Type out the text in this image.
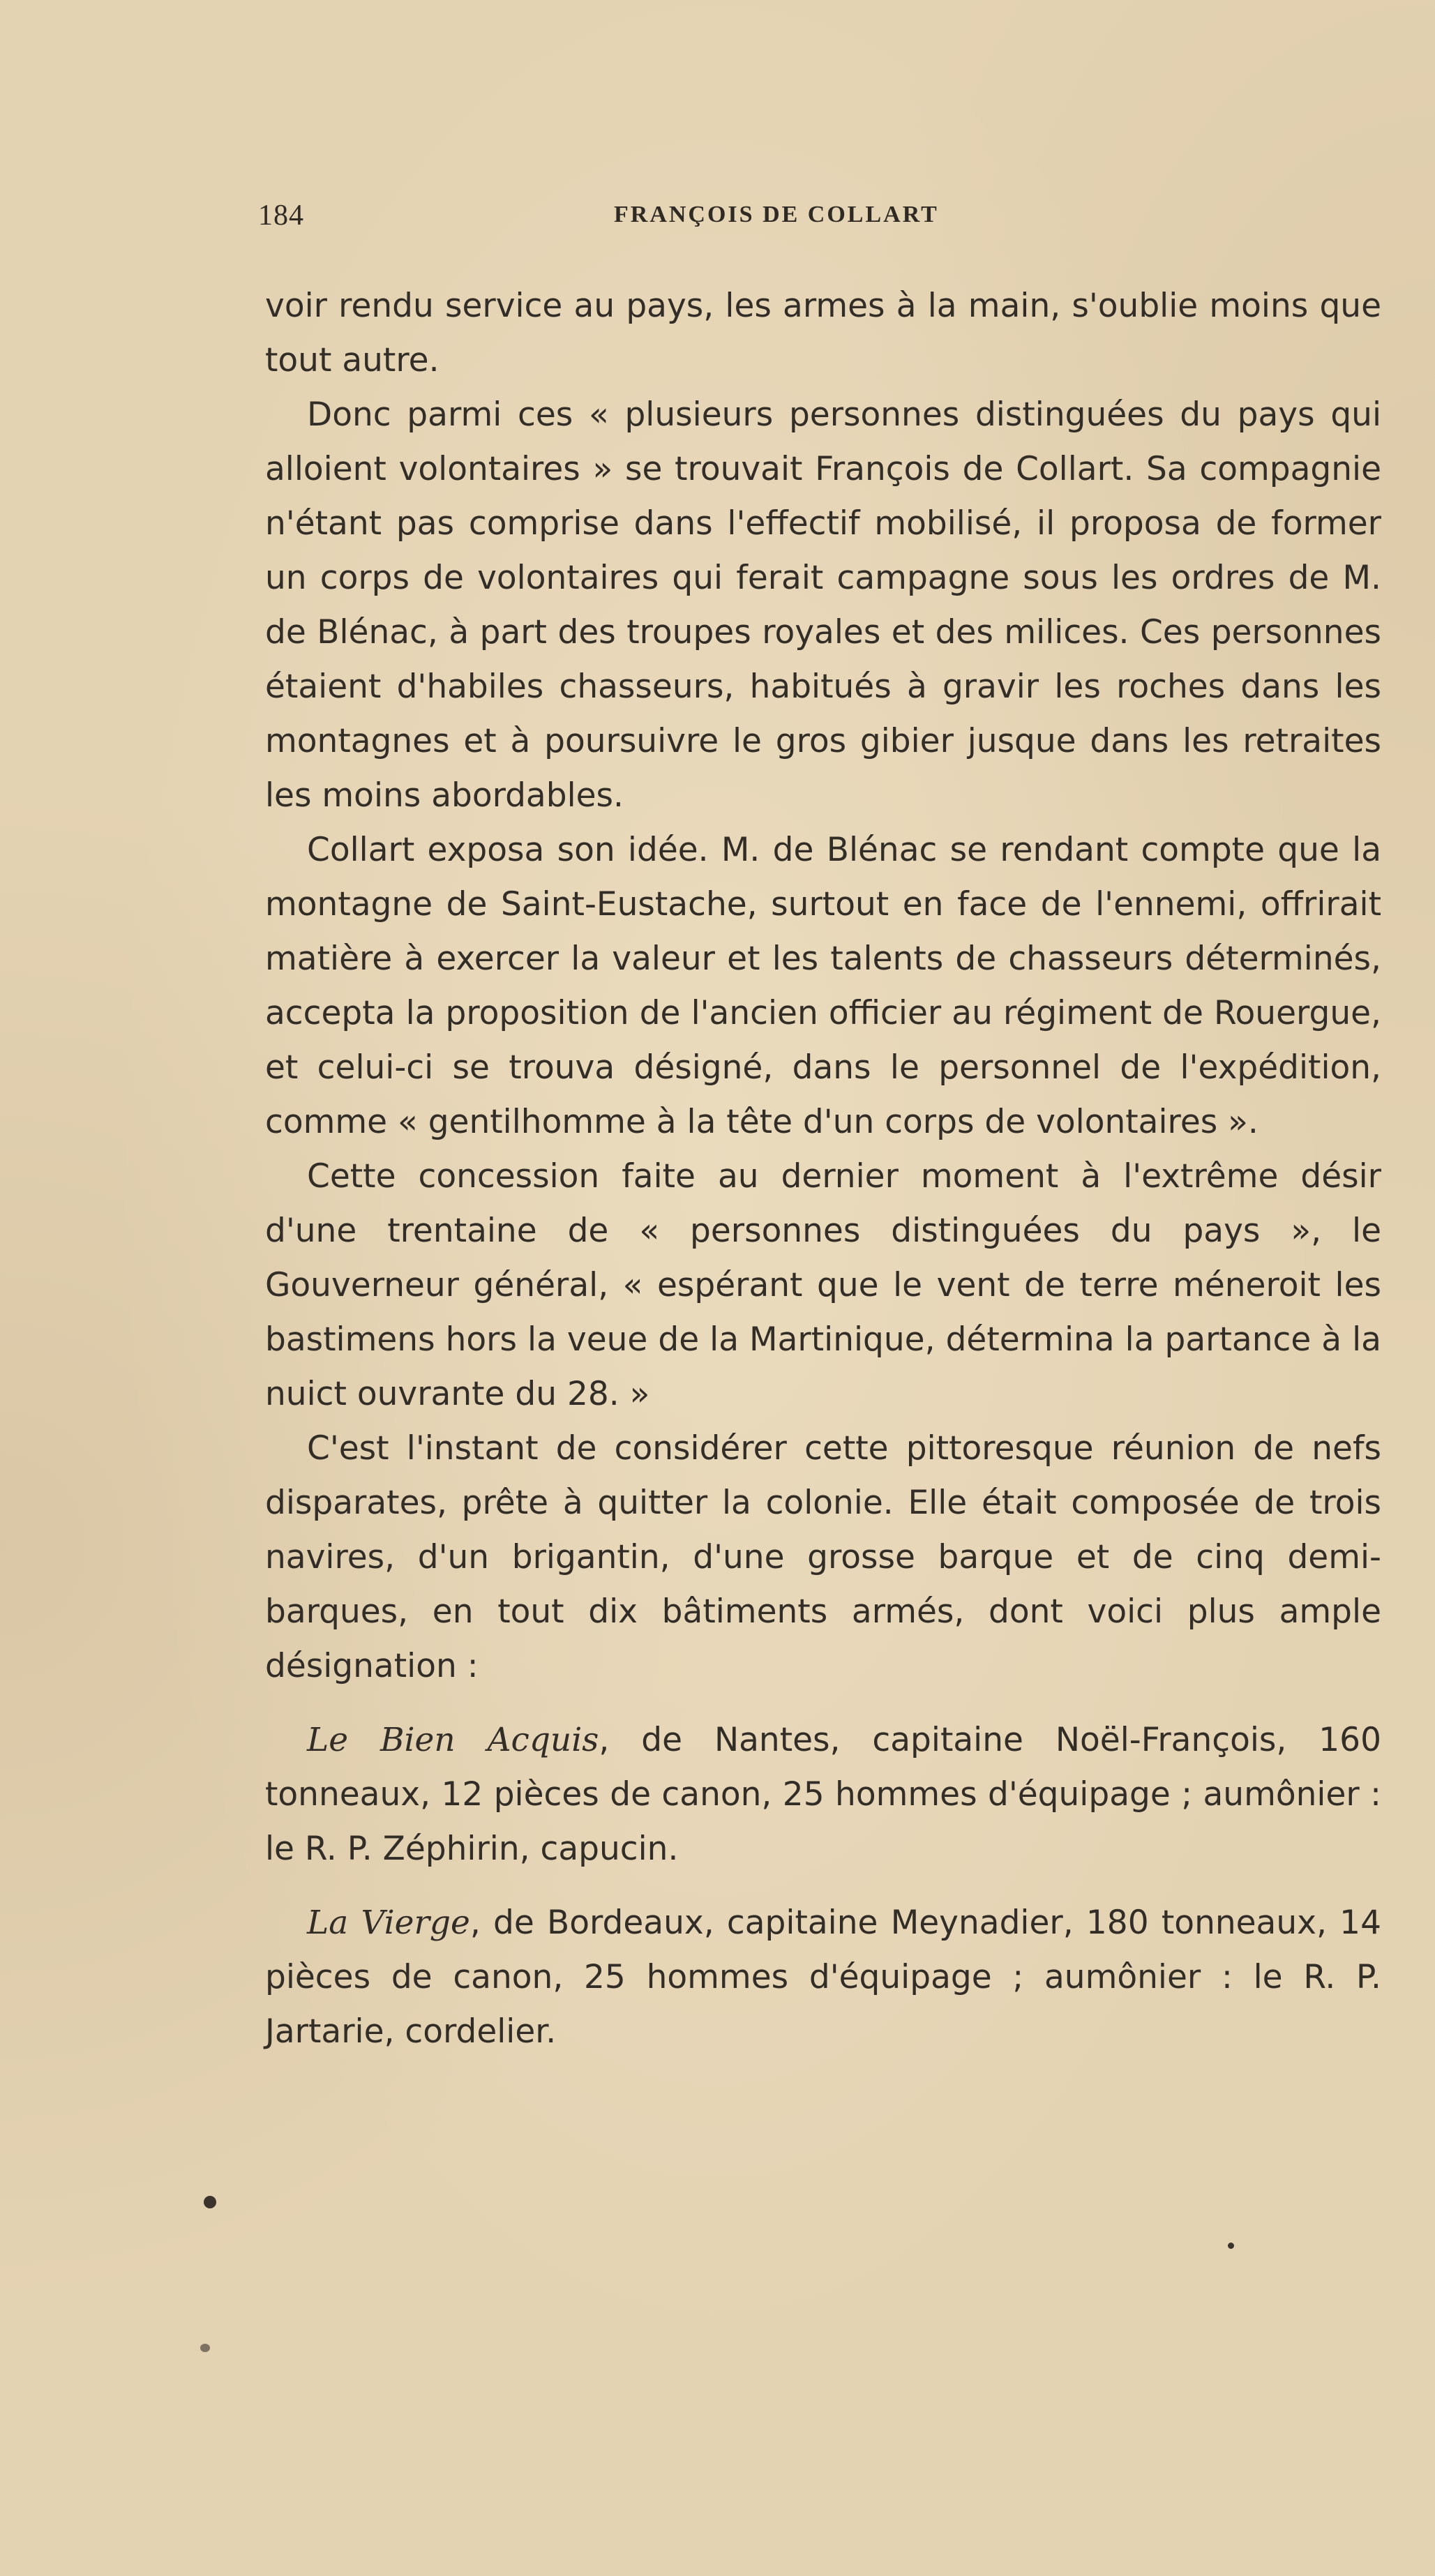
184	FRANÇOIS DE COLLART

voir rendu service au pays, les armes à la main, s'oublie moins que tout autre.

Donc parmi ces « plusieurs personnes distinguées du pays qui alloient volontaires » se trouvait François de Collart. Sa compagnie n'étant pas comprise dans l'effectif mobilisé, il proposa de former un corps de volontaires qui ferait campagne sous les ordres de M. de Blénac, à part des troupes royales et des milices. Ces personnes étaient d'habiles chasseurs, habitués à gravir les roches dans les montagnes et à poursuivre le gros gibier jusque dans les retraites les moins abordables.

Collart exposa son idée. M. de Blénac se rendant compte que la montagne de Saint-Eustache, surtout en face de l'ennemi, offrirait matière à exercer la valeur et les talents de chasseurs déterminés, accepta la proposition de l'ancien officier au régiment de Rouergue, et celui-ci se trouva désigné, dans le personnel de l'expédition, comme « gentilhomme à la tête d'un corps de volontaires ».

Cette concession faite au dernier moment à l'extrême désir d'une trentaine de « personnes distinguées du pays », le Gouverneur général, « espérant que le vent de terre méneroit les bastimens hors la veue de la Martinique, détermina la partance à la nuict ouvrante du 28. »

C'est l'instant de considérer cette pittoresque réunion de nefs disparates, prête à quitter la colonie. Elle était composée de trois navires, d'un brigantin, d'une grosse barque et de cinq demi-barques, en tout dix bâtiments armés, dont voici plus ample désignation :

Le Bien Acquis, de Nantes, capitaine Noël-François, 160 tonneaux, 12 pièces de canon, 25 hommes d'équipage ; aumônier : le R. P. Zéphirin, capucin.

La Vierge, de Bordeaux, capitaine Meynadier, 180 tonneaux, 14 pièces de canon, 25 hommes d'équipage ; aumônier : le R. P. Jartarie, cordelier.
